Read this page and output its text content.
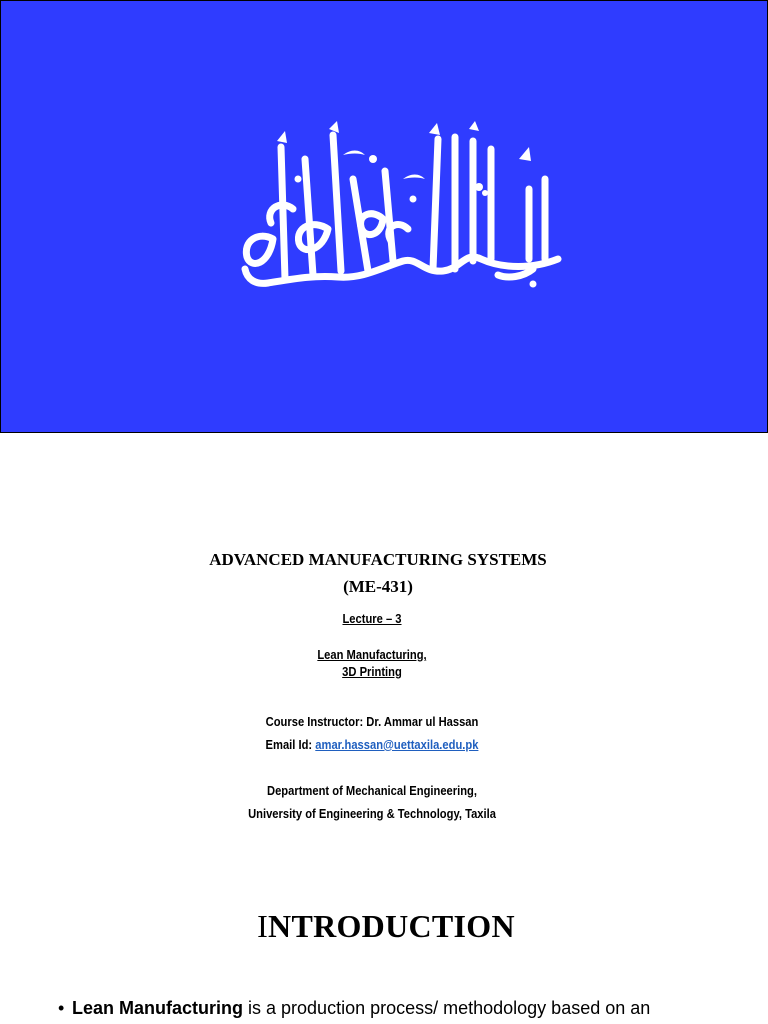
ADVANCED MANUFACTURING SYSTEMS
(ME-431)
Lecture – 3
Lean Manufacturing,
3D Printing
Course Instructor: Dr. Ammar ul Hassan
Email Id: amar.hassan@uettaxila.edu.pk
Department of Mechanical Engineering,
University of Engineering & Technology, Taxila
INTRODUCTION
• Lean Manufacturing is a production process/ methodology based on an
